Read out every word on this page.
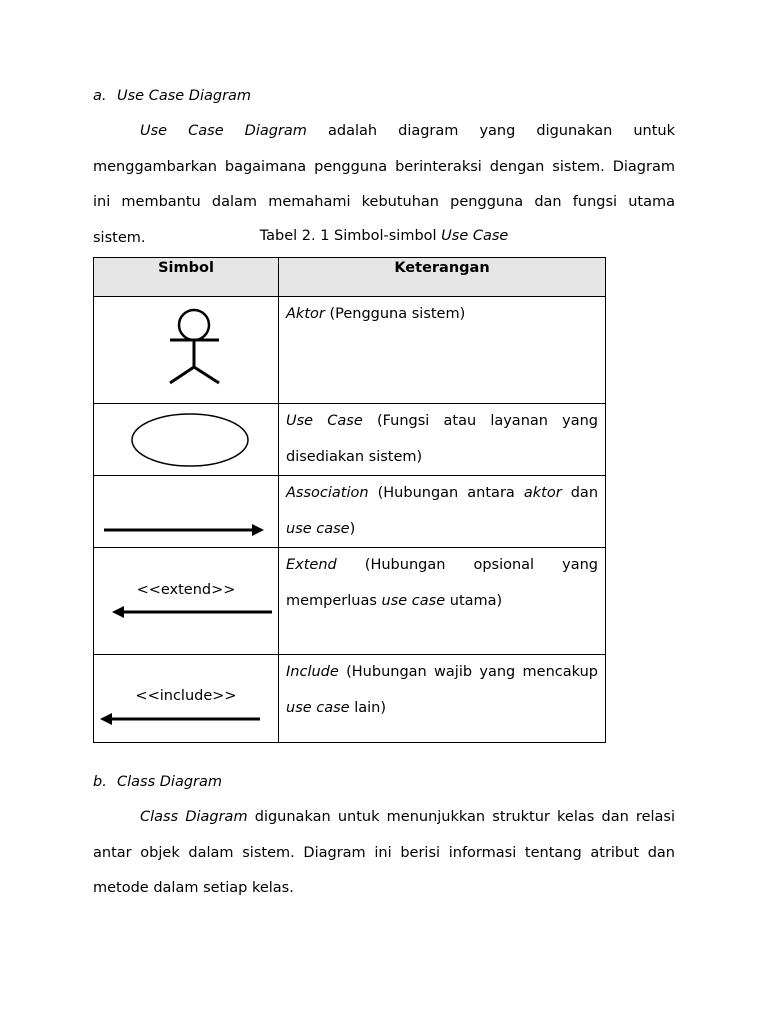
a. Use Case Diagram
Use Case Diagram adalah diagram yang digunakan untuk menggambarkan bagaimana pengguna berinteraksi dengan sistem. Diagram ini membantu dalam memahami kebutuhan pengguna dan fungsi utama sistem.	Tabel 2. 1 Simbol-simbol Use Case
Simbol	Keterangan

	Aktor (Pengguna sistem)

	Use Case (Fungsi atau layanan yang disediakan sistem)

	Association (Hubungan antara aktor dan use case)

<<extend>>	Extend (Hubungan opsional yang memperluas use case utama)

<<include>>	Include (Hubungan wajib yang mencakup use case lain)
b. Class Diagram
Class Diagram digunakan untuk menunjukkan struktur kelas dan relasi antar objek dalam sistem. Diagram ini berisi informasi tentang atribut dan metode dalam setiap kelas.
